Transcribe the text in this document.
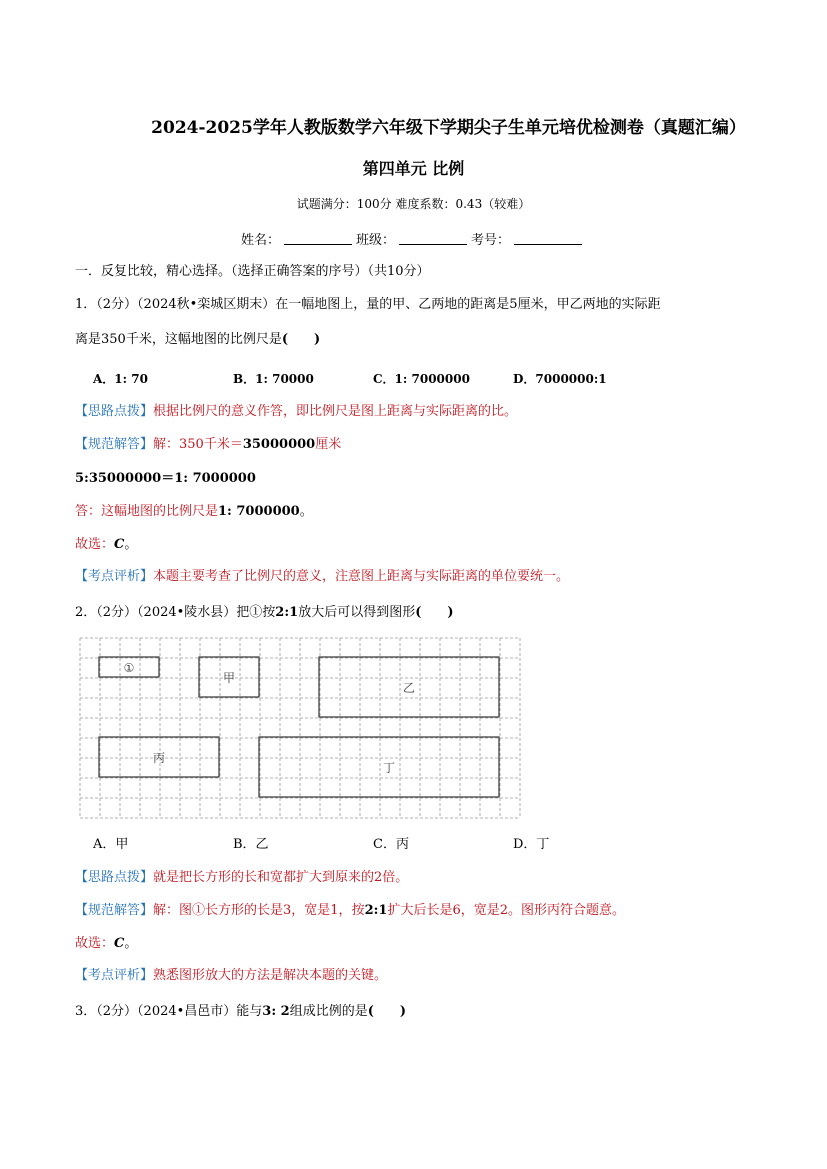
2024-2025学年人教版数学六年级下学期尖子生单元培优检测卷（真题汇编）
第四单元 比例
试题满分：100分 难度系数：0.43（较难）
姓名：	班级：	考号：
一．反复比较，精心选择。（选择正确答案的序号）（共10分）
1．（2分）（2024秋•栾城区期末）在一幅地图上，量的甲、乙两地的距离是5厘米，甲乙两地的实际距
离是350千米，这幅地图的比例尺是(　　)
A．1: 70	B．1: 70000	C．1: 7000000	D．7000000:1
【思路点拨】根据比例尺的意义作答，即比例尺是图上距离与实际距离的比。
【规范解答】解：350千米＝35000000厘米
5:35000000＝1: 7000000
答：这幅地图的比例尺是1: 7000000。
故选：C。
【考点评析】本题主要考查了比例尺的意义，注意图上距离与实际距离的单位要统一。
2．（2分）（2024•陵水县）把①按2:1放大后可以得到图形(　　)
①
甲
乙
丙
丁
A．甲	B．乙	C．丙	D．丁
【思路点拨】就是把长方形的长和宽都扩大到原来的2倍。
【规范解答】解：图①长方形的长是3，宽是1，按2:1扩大后长是6，宽是2。图形丙符合题意。
故选：C。
【考点评析】熟悉图形放大的方法是解决本题的关键。
3．（2分）（2024•昌邑市）能与3: 2组成比例的是(　　)
